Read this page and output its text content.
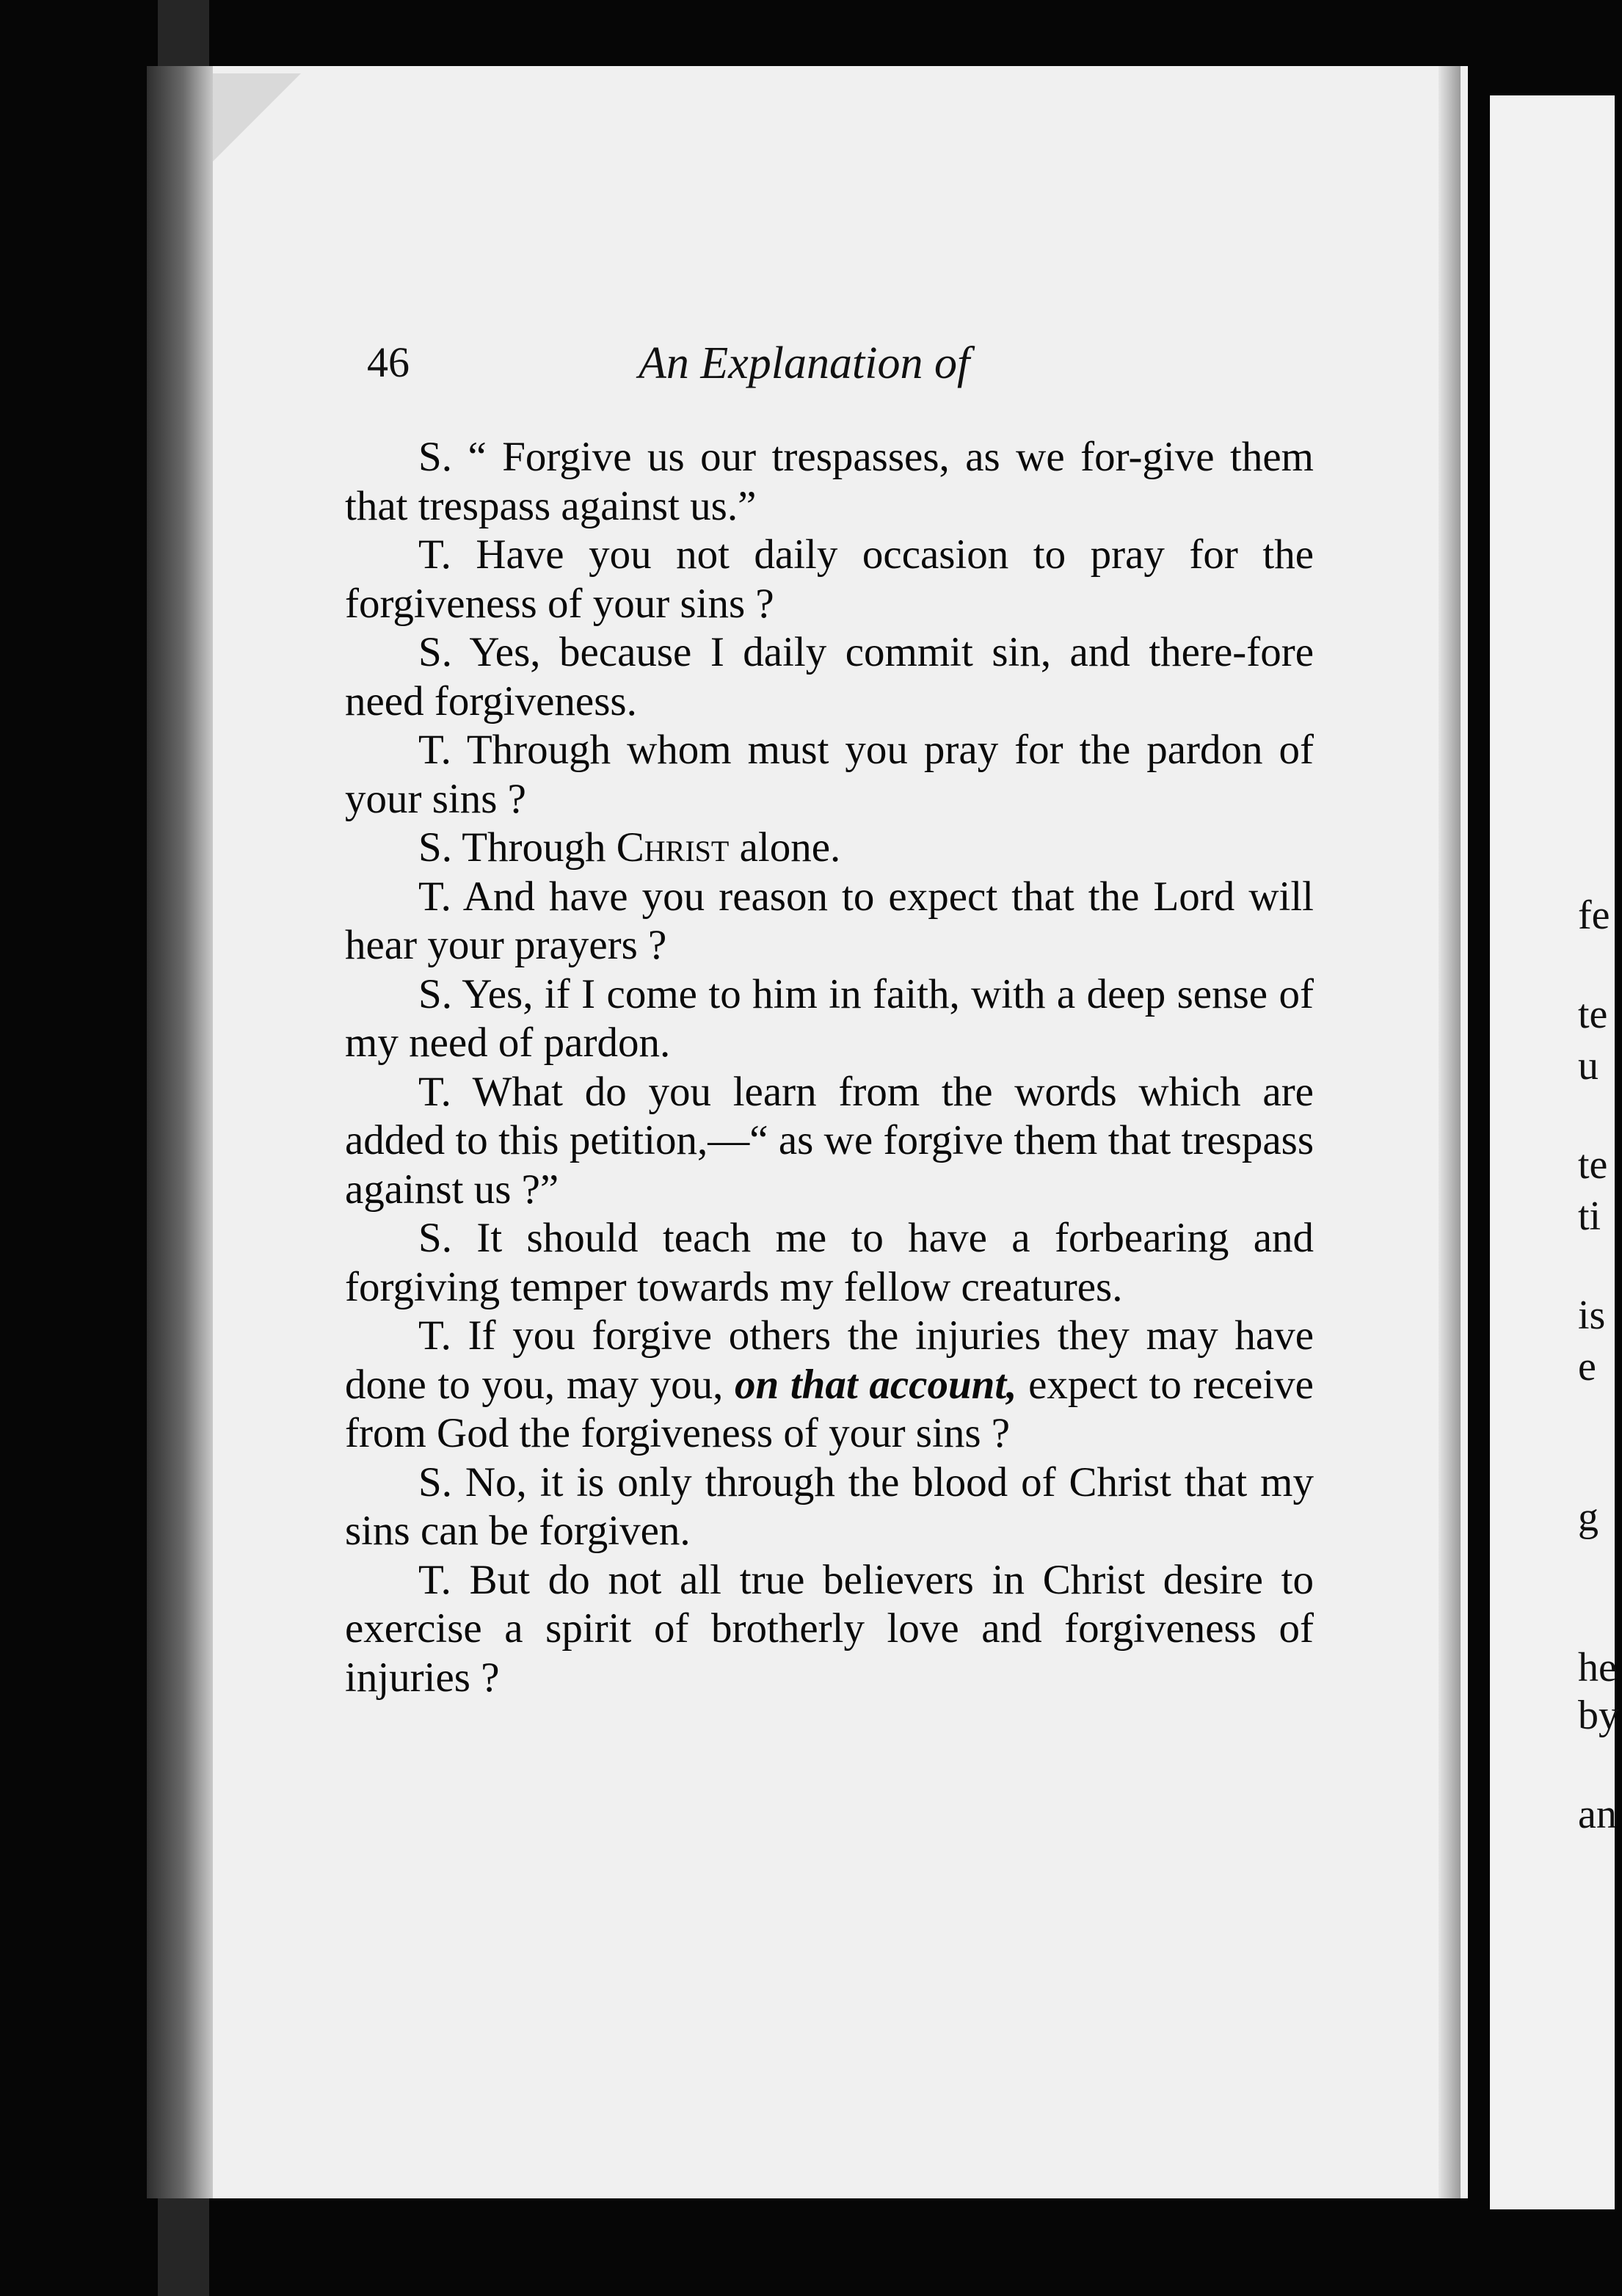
46	An Explanation of

S. “ Forgive us our trespasses, as we for-give them that trespass against us.”

T. Have you not daily occasion to pray for the forgiveness of your sins ?

S. Yes, because I daily commit sin, and there-fore need forgiveness.

T. Through whom must you pray for the pardon of your sins ?

S. Through Christ alone.

T. And have you reason to expect that the Lord will hear your prayers ?

S. Yes, if I come to him in faith, with a deep sense of my need of pardon.

T. What do you learn from the words which are added to this petition,—“ as we forgive them that trespass against us ?”

S. It should teach me to have a forbearing and forgiving temper towards my fellow creatures.

T. If you forgive others the injuries they may have done to you, may you, on that account, expect to receive from God the forgiveness of your sins ?

S. No, it is only through the blood of Christ that my sins can be forgiven.

T. But do not all true believers in Christ desire to exercise a spirit of brotherly love and forgiveness of injuries ?

fe
te
u
te
ti
is
e
g
he
by
an
